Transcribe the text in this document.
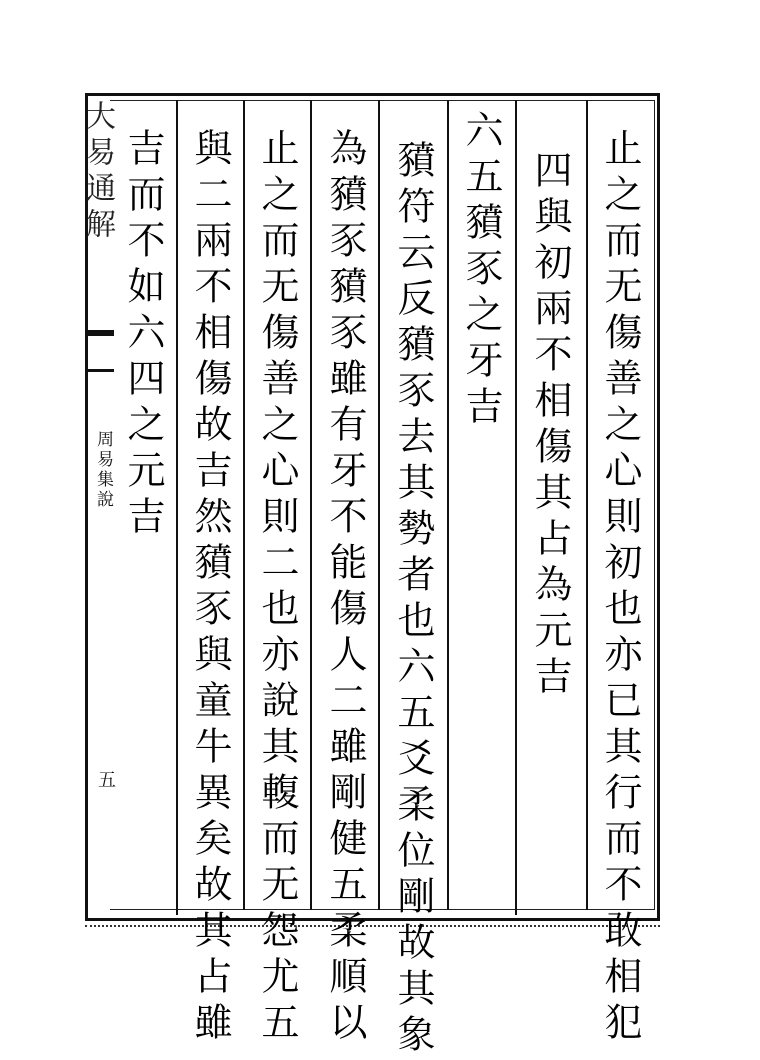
大易通解
周易集說
五	止之而无傷善之心則初也亦已其行而不敢相犯
四與初兩不相傷其占為元吉
六五豶豕之牙吉
豶符云反豶豕去其勢者也六五爻柔位剛故其象
為豶豕豶豕雖有牙不能傷人二雖剛健五柔順以
止之而无傷善之心則二也亦說其輹而无怨尤五
與二兩不相傷故吉然豶豕與童牛異矣故其占雖
吉而不如六四之元吉
